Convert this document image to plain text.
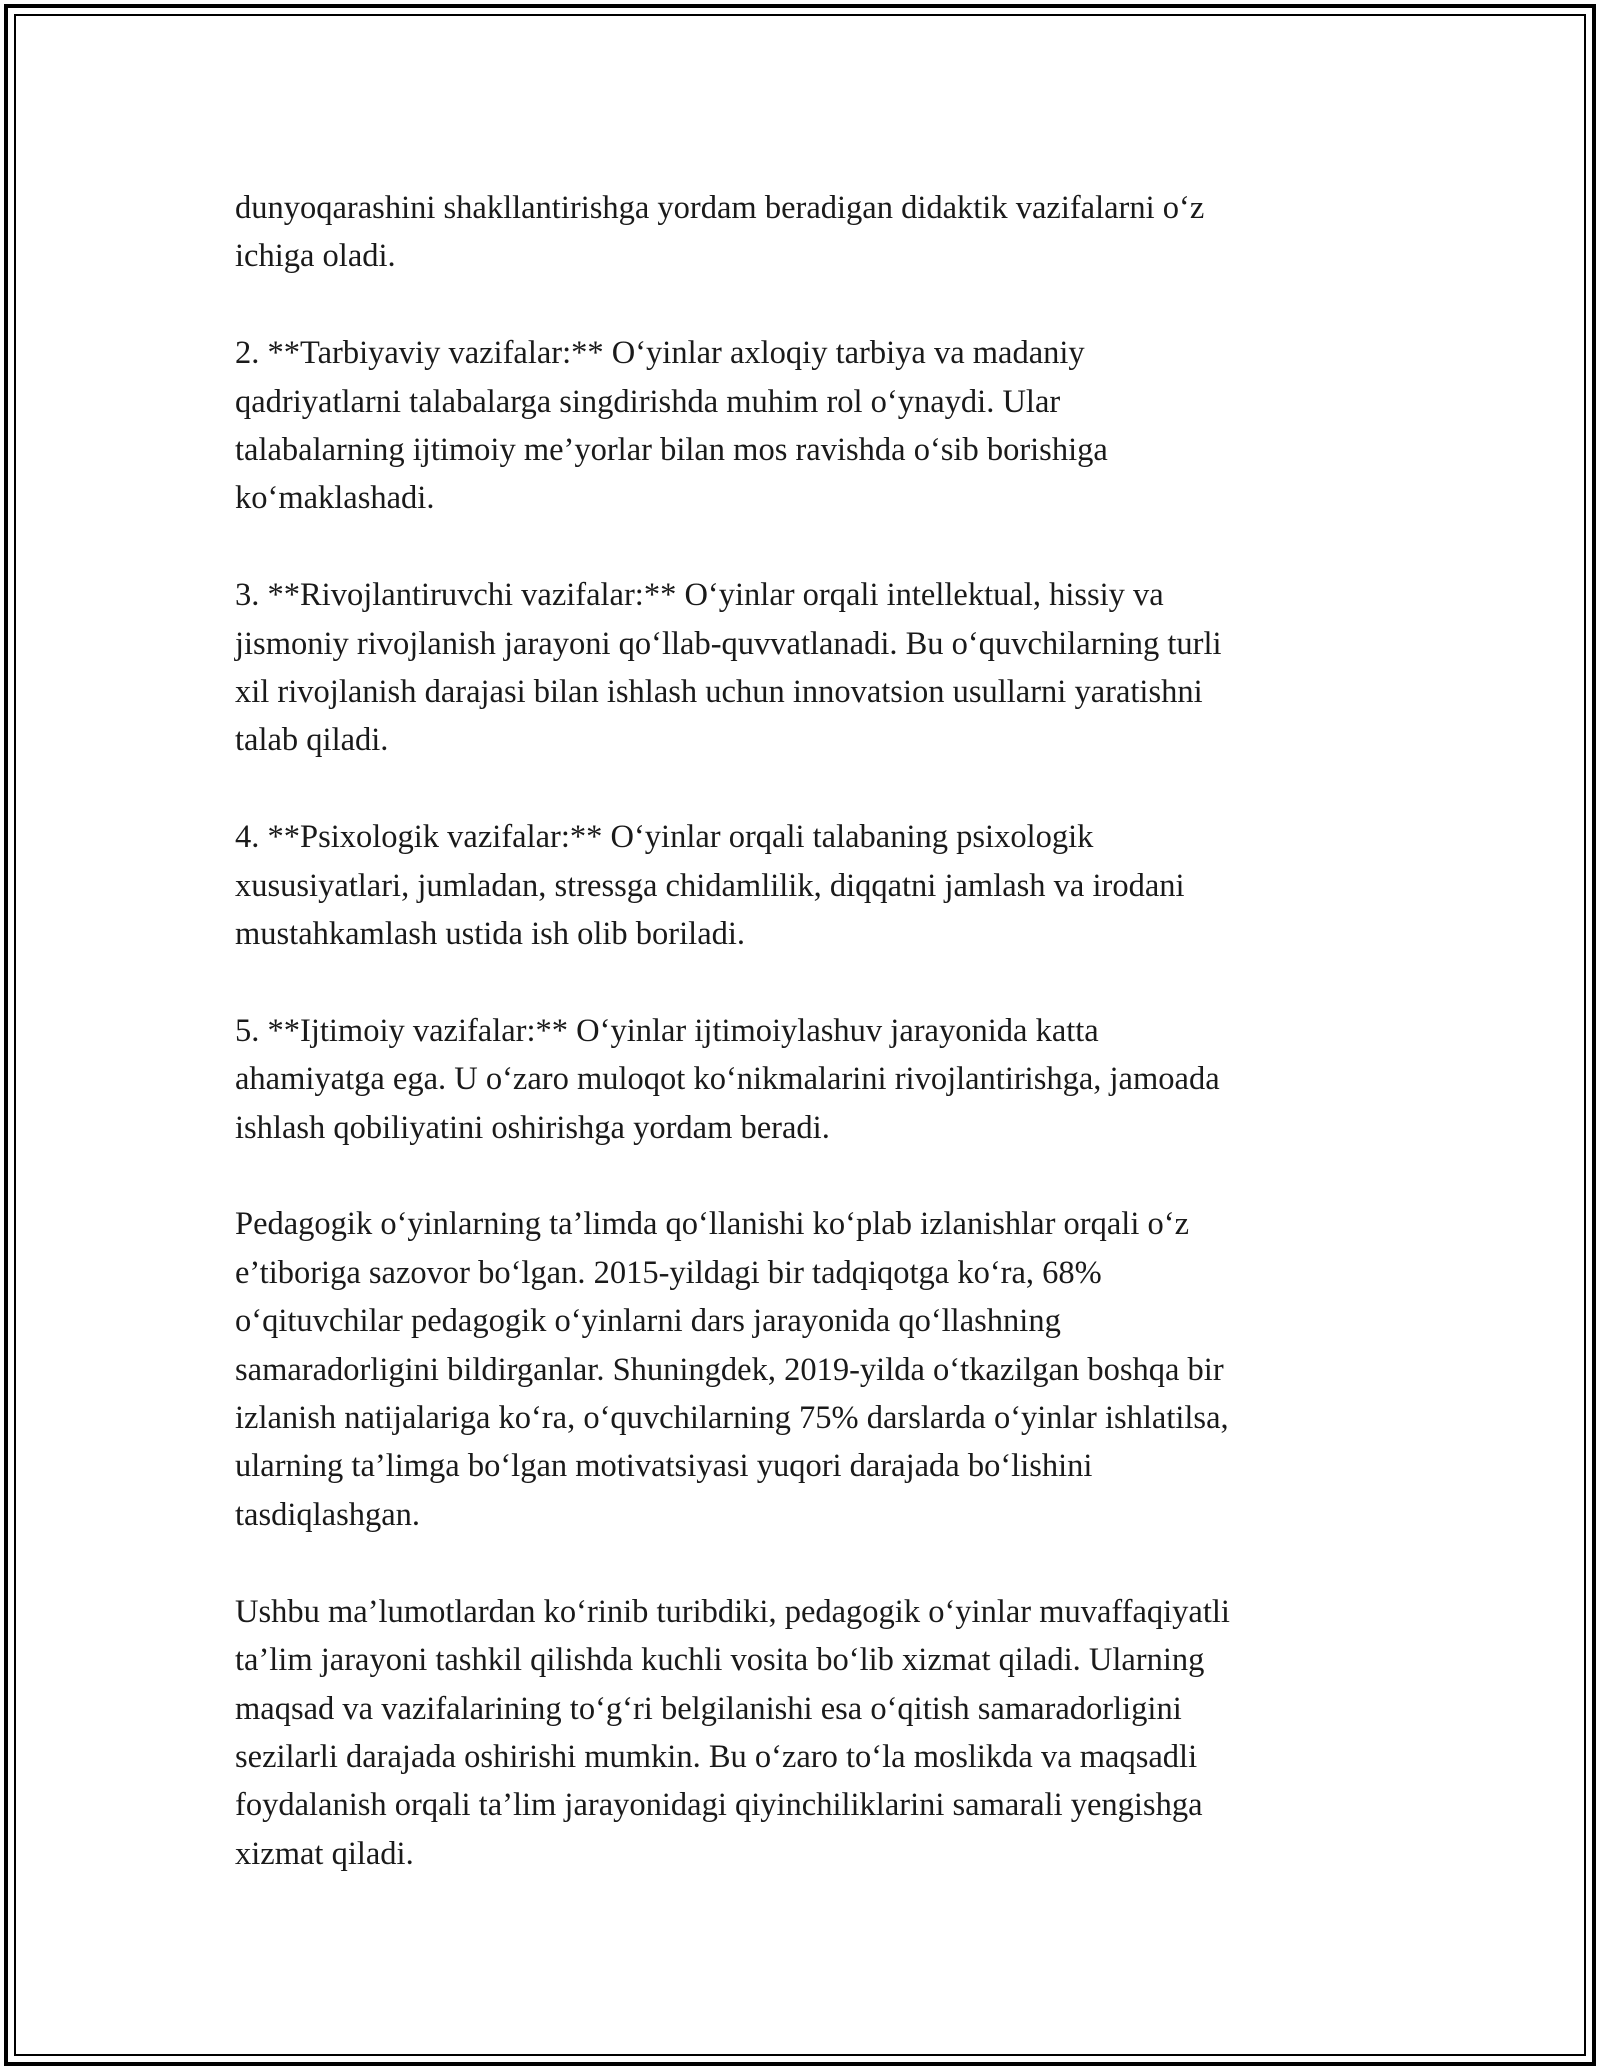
dunyoqarashini shakllantirishga yordam beradigan didaktik vazifalarni o‘z
ichiga oladi.

2. **Tarbiyaviy vazifalar:** O‘yinlar axloqiy tarbiya va madaniy
qadriyatlarni talabalarga singdirishda muhim rol o‘ynaydi. Ular
talabalarning ijtimoiy me’yorlar bilan mos ravishda o‘sib borishiga
ko‘maklashadi.

3. **Rivojlantiruvchi vazifalar:** O‘yinlar orqali intellektual, hissiy va
jismoniy rivojlanish jarayoni qo‘llab-quvvatlanadi. Bu o‘quvchilarning turli
xil rivojlanish darajasi bilan ishlash uchun innovatsion usullarni yaratishni
talab qiladi.

4. **Psixologik vazifalar:** O‘yinlar orqali talabaning psixologik
xususiyatlari, jumladan, stressga chidamlilik, diqqatni jamlash va irodani
mustahkamlash ustida ish olib boriladi.

5. **Ijtimoiy vazifalar:** O‘yinlar ijtimoiylashuv jarayonida katta
ahamiyatga ega. U o‘zaro muloqot ko‘nikmalarini rivojlantirishga, jamoada
ishlash qobiliyatini oshirishga yordam beradi.

Pedagogik o‘yinlarning ta’limda qo‘llanishi ko‘plab izlanishlar orqali o‘z
e’tiboriga sazovor bo‘lgan. 2015-yildagi bir tadqiqotga ko‘ra, 68%
o‘qituvchilar pedagogik o‘yinlarni dars jarayonida qo‘llashning
samaradorligini bildirganlar. Shuningdek, 2019-yilda o‘tkazilgan boshqa bir
izlanish natijalariga ko‘ra, o‘quvchilarning 75% darslarda o‘yinlar ishlatilsa,
ularning ta’limga bo‘lgan motivatsiyasi yuqori darajada bo‘lishini
tasdiqlashgan.

Ushbu ma’lumotlardan ko‘rinib turibdiki, pedagogik o‘yinlar muvaffaqiyatli
ta’lim jarayoni tashkil qilishda kuchli vosita bo‘lib xizmat qiladi. Ularning
maqsad va vazifalarining to‘g‘ri belgilanishi esa o‘qitish samaradorligini
sezilarli darajada oshirishi mumkin. Bu o‘zaro to‘la moslikda va maqsadli
foydalanish orqali ta’lim jarayonidagi qiyinchiliklarini samarali yengishga
xizmat qiladi.
